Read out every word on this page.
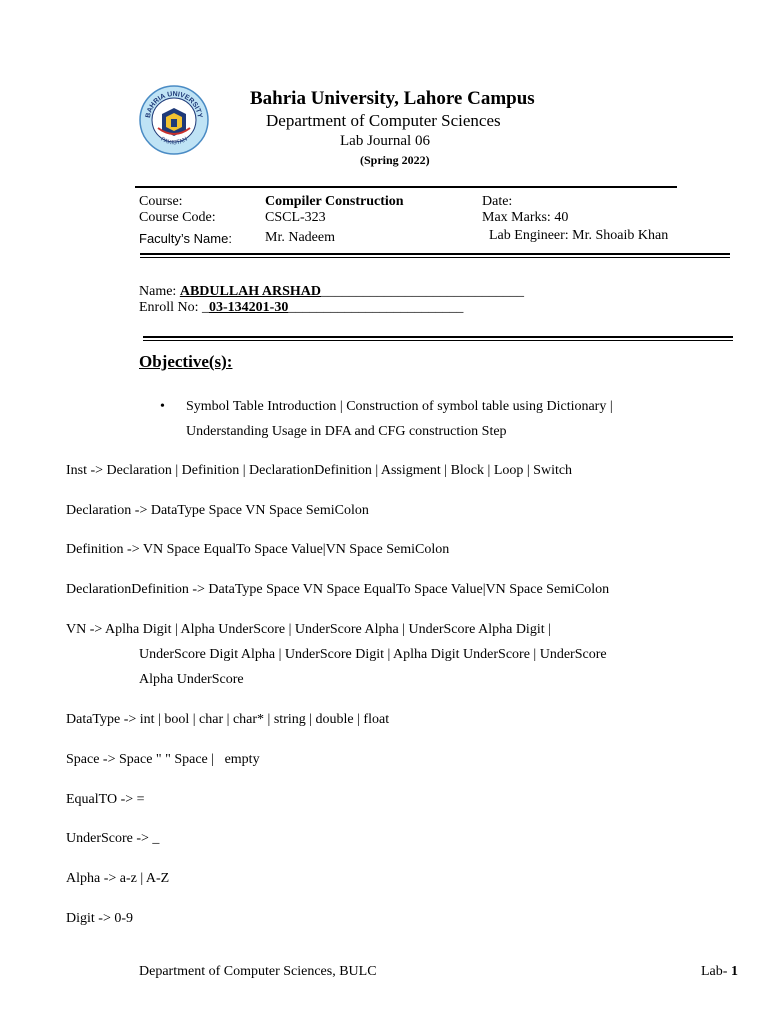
BAHRIA UNIVERSITY
PAKISTAN
Bahria University, Lahore Campus
Department of Computer Sciences
Lab Journal 06
(Spring 2022)
Course:	Compiler Construction	Date:
Course Code:	CSCL-323	Max Marks: 40
Faculty’s Name: Mr. Nadeem	Lab Engineer: Mr. Shoaib Khan
Name: ABDULLAH ARSHAD_____________________________
Enroll No: _03-134201-30_________________________
Objective(s):
• Symbol Table Introduction | Construction of symbol table using Dictionary |
Understanding Usage in DFA and CFG construction Step
Inst -> Declaration | Definition | DeclarationDefinition | Assigment | Block | Loop | Switch
Declaration -> DataType Space VN Space SemiColon
Definition -> VN Space EqualTo Space Value|VN Space SemiColon
DeclarationDefinition -> DataType Space VN Space EqualTo Space Value|VN Space SemiColon
VN -> Aplha Digit | Alpha UnderScore | UnderScore Alpha | UnderScore Alpha Digit |
UnderScore Digit Alpha | UnderScore Digit | Aplha Digit UnderScore | UnderScore
Alpha UnderScore
DataType -> int | bool | char | char* | string | double | float
Space -> Space " " Space |   empty
EqualTO -> =
UnderScore -> _
Alpha -> a-z | A-Z
Digit -> 0-9
Department of Computer Sciences, BULC	Lab- 1
